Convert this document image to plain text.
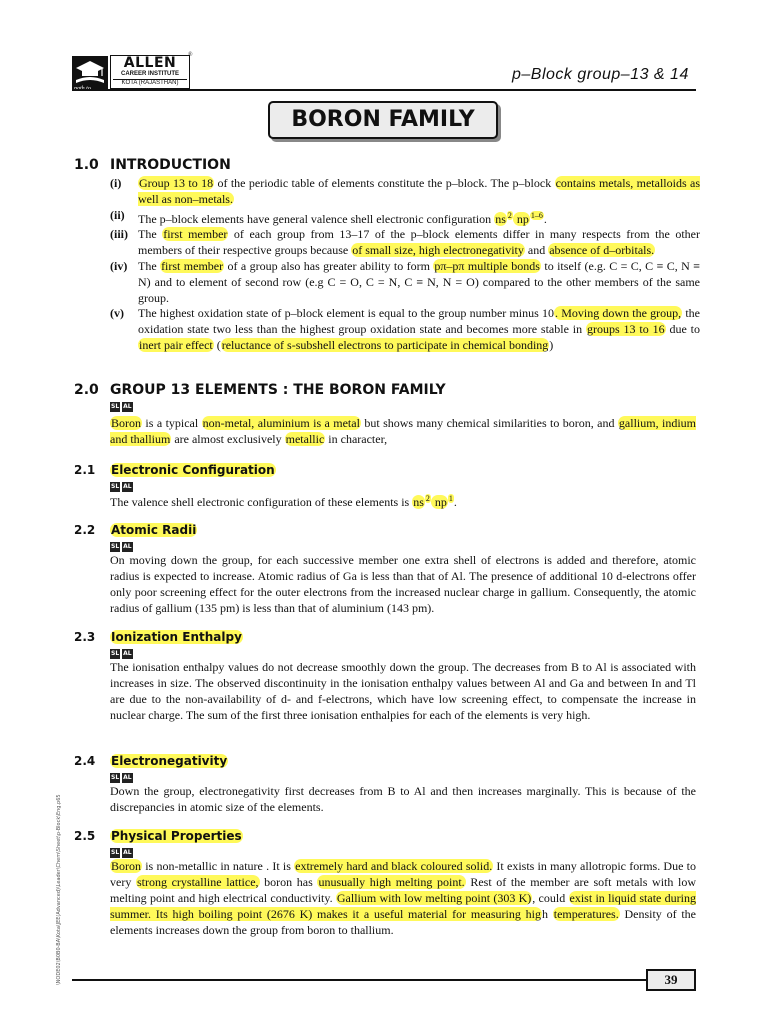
success
ALLEN
CAREER INSTITUTE
KOTA (RAJASTHAN)
®
p–Block group–13 & 14
BORON FAMILY
1.0 INTRODUCTION
(i) Group 13 to 18 of the periodic table of elements constitute the p–block. The p–block contains metals, metalloids as well as non–metals.
(ii) The p–block elements have general valence shell electronic configuration ns $^2$ np $^{1-6}$.
(iii) The first member of each group from 13–17 of the p–block elements differ in many respects from the other members of their respective groups because of small size, high electronegativity and absence of d–orbitals.
(iv) The first member of a group also has greater ability to form pπ–pπ multiple bonds to itself (e.g. C = C, C ≡ C, N ≡ N) and to element of second row (e.g C = O, C = N, C ≡ N, N = O) compared to the other members of the same group.
(v) The highest oxidation state of p–block element is equal to the group number minus 10. Moving down the group, the oxidation state two less than the highest group oxidation state and becomes more stable in groups 13 to 16 due to inert pair effect (reluctance of s-subshell electrons to participate in chemical bonding)
2.0 GROUP 13 ELEMENTS : THE BORON FAMILY
SL AL
Boron is a typical non-metal, aluminium is a metal but shows many chemical similarities to boron, and gallium, indium and thallium are almost exclusively metallic in character,
2.1 Electronic Configuration
SL AL
The valence shell electronic configuration of these elements is ns $^2$ np $^1$.
2.2 Atomic Radii
SL AL
On moving down the group, for each successive member one extra shell of electrons is added and therefore, atomic radius is expected to increase. Atomic radius of Ga is less than that of Al. The presence of additional 10 d-electrons offer only poor screening effect for the outer electrons from the increased nuclear charge in gallium. Consequently, the atomic radius of gallium (135 pm) is less than that of aluminium (143 pm).
2.3 Ionization Enthalpy
SL AL
The ionisation enthalpy values do not decrease smoothly down the group. The decreases from B to Al is associated with increases in size. The observed discontinuity in the ionisation enthalpy values between Al and Ga and between In and Tl are due to the non-availability of d- and f-electrons, which have low screening effect, to compensate the increase in nuclear charge. The sum of the first three ionisation enthalpies for each of the elements is very high.
2.4 Electronegativity
SL AL
Down the group, electronegativity first decreases from B to Al and then increases marginally. This is because of the discrepancies in atomic size of the elements.
2.5 Physical Properties
SL AL
Boron is non-metallic in nature . It is extremely hard and black coloured solid. It exists in many allotropic forms. Due to very strong crystalline lattice, boron has unusually high melting point. Rest of the member are soft metals with low melting point and high electrical conductivity. Gallium with low melting point (303 K), could exist in liquid state during summer. Its high boiling point (2676 K) makes it a useful material for measuring high temperatures. Density of the elements increases down the group from boron to thallium.
\NODE02\B0B0-BA\Kota\JEE(Advanced)\Leader\Chem\Sheet\p-Block\Eng.p65	39
